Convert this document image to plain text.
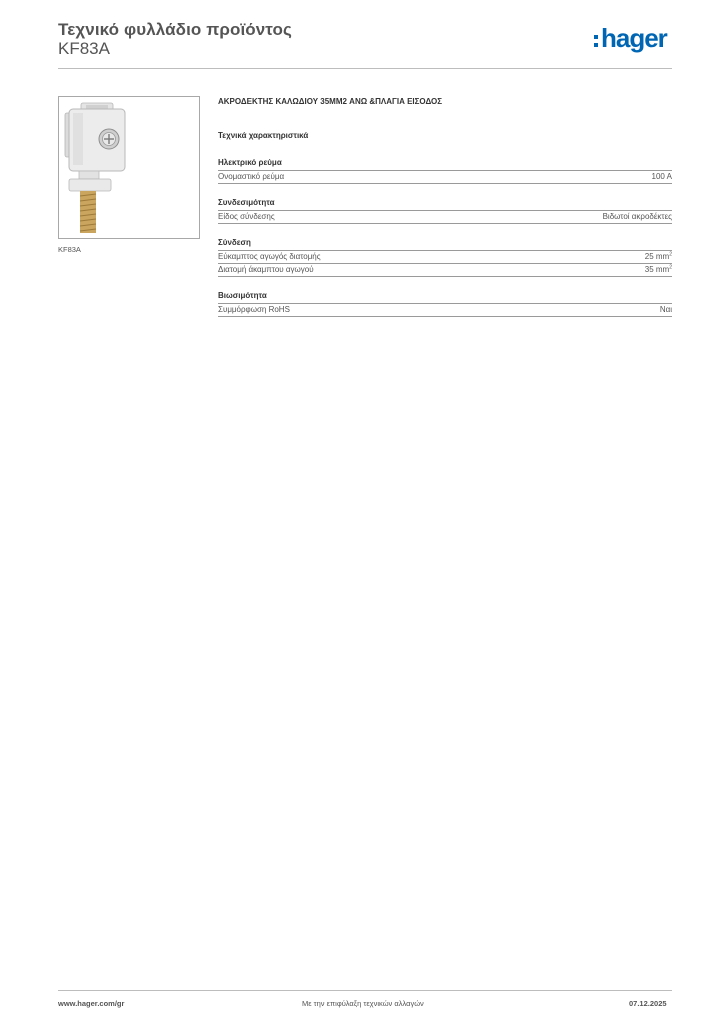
Τεχνικό φυλλάδιο προϊόντος
KF83A	hager
KF83A
ΑΚΡΟΔΕΚΤΗΣ ΚΑΛΩΔΙΟΥ 35MM2 ΑΝΩ &ΠΛΑΓΙΑ ΕΙΣΟΔΟΣ
Τεχνικά χαρακτηριστικά
Ηλεκτρικό ρεύμα
Ονομαστικό ρεύμα	100 A
Συνδεσιμότητα
Είδος σύνδεσης	Βιδωτοί ακροδέκτες
Σύνδεση
Εύκαμπτος αγωγός διατομής	25 $mm^2$
Διατομή άκαμπτου αγωγού	35 $mm^2$
Βιωσιμότητα
Συμμόρφωση RoHS	Ναι
www.hager.com/gr	Με την επιφύλαξη τεχνικών αλλαγών	07.12.2025
